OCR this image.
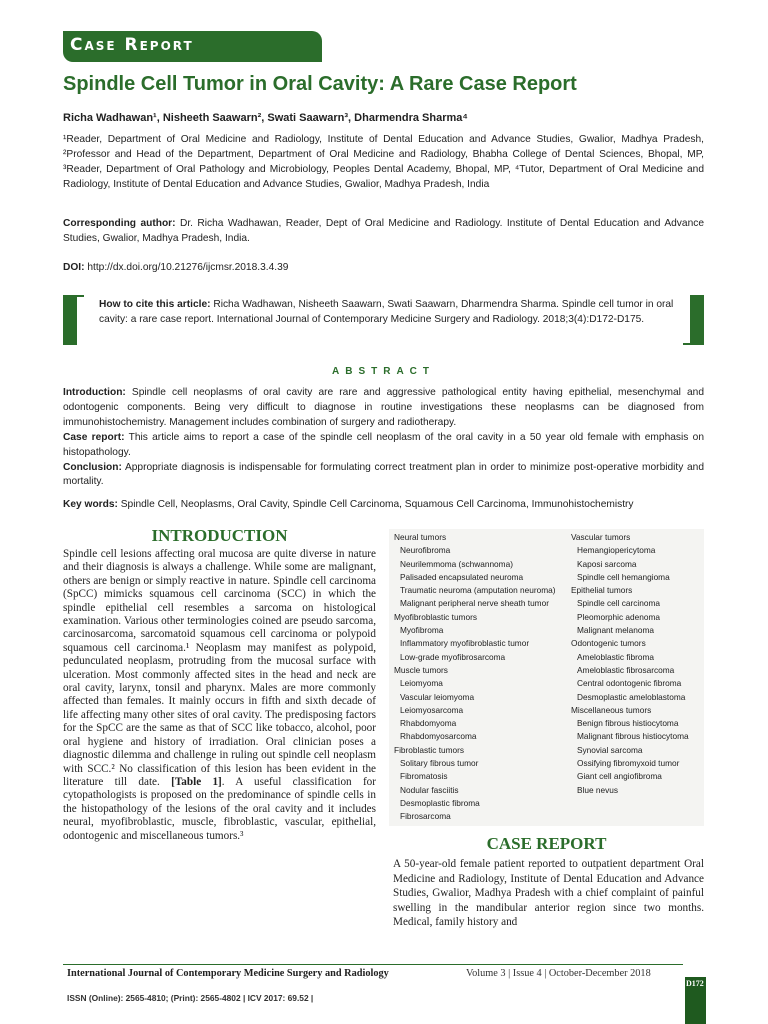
Case Report
Spindle Cell Tumor in Oral Cavity: A Rare Case Report
Richa Wadhawan¹, Nisheeth Saawarn², Swati Saawarn³, Dharmendra Sharma⁴
¹Reader, Department of Oral Medicine and Radiology, Institute of Dental Education and Advance Studies, Gwalior, Madhya Pradesh, ²Professor and Head of the Department, Department of Oral Medicine and Radiology, Bhabha College of Dental Sciences, Bhopal, MP, ³Reader, Department of Oral Pathology and Microbiology, Peoples Dental Academy, Bhopal, MP, ⁴Tutor, Department of Oral Medicine and Radiology, Institute of Dental Education and Advance Studies, Gwalior, Madhya Pradesh, India
Corresponding author: Dr. Richa Wadhawan, Reader, Dept of Oral Medicine and Radiology. Institute of Dental Education and Advance Studies, Gwalior, Madhya Pradesh, India.
DOI: http://dx.doi.org/10.21276/ijcmsr.2018.3.4.39
How to cite this article: Richa Wadhawan, Nisheeth Saawarn, Swati Saawarn, Dharmendra Sharma. Spindle cell tumor in oral cavity: a rare case report. International Journal of Contemporary Medicine Surgery and Radiology. 2018;3(4):D172-D175.
ABSTRACT

Introduction: Spindle cell neoplasms of oral cavity are rare and aggressive pathological entity having epithelial, mesenchymal and odontogenic components. Being very difficult to diagnose in routine investigations these neoplasms can be diagnosed from immunohistochemistry. Management includes combination of surgery and radiotherapy.

Case report: This article aims to report a case of the spindle cell neoplasm of the oral cavity in a 50 year old female with emphasis on histopathology.

Conclusion: Appropriate diagnosis is indispensable for formulating correct treatment plan in order to minimize post-operative morbidity and mortality.

Key words: Spindle Cell, Neoplasms, Oral Cavity, Spindle Cell Carcinoma, Squamous Cell Carcinoma, Immunohistochemistry
INTRODUCTION
Spindle cell lesions affecting oral mucosa are quite diverse in nature and their diagnosis is always a challenge. While some are malignant, others are benign or simply reactive in nature. Spindle cell carcinoma (SpCC) mimicks squamous cell carcinoma (SCC) in which the spindle epithelial cell resembles a sarcoma on histological examination. Various other terminologies coined are pseudo sarcoma, carcinosarcoma, sarcomatoid squamous cell carcinoma or polypoid squamous cell carcinoma.¹ Neoplasm may manifest as polypoid, pedunculated neoplasm, protruding from the mucosal surface with ulceration. Most commonly affected sites in the head and neck are oral cavity, larynx, tonsil and pharynx. Males are more commonly affected than females. It mainly occurs in fifth and sixth decade of life affecting many other sites of oral cavity. The predisposing factors for the SpCC are the same as that of SCC like tobacco, alcohol, poor oral hygiene and history of irradiation. Oral clinician poses a diagnostic dilemma and challenge in ruling out spindle cell neoplasm with SCC.² No classification of this lesion has been evident in the literature till date. [Table 1]. A useful classification for cytopathologists is proposed on the predominance of spindle cells in the histopathology of the lesions of the oral cavity and it includes neural, myofibroblastic, muscle, fibroblastic, vascular, epithelial, odontogenic and miscellaneous tumors.³
Neural tumors
Neurofibroma
Neurilemmoma (schwannoma)
Palisaded encapsulated neuroma
Traumatic neuroma (amputation neuroma)
Malignant peripheral nerve sheath tumor
Myofibroblastic tumors
Myofibroma
Inflammatory myofibroblastic tumor
Low-grade myofibrosarcoma
Muscle tumors
Leiomyoma
Vascular leiomyoma
Leiomyosarcoma
Rhabdomyoma
Rhabdomyosarcoma
Fibroblastic tumors
Solitary fibrous tumor
Fibromatosis
Nodular fasciitis
Desmoplastic fibroma
Fibrosarcoma
Vascular tumors
Hemangiopericytoma
Kaposi sarcoma
Spindle cell hemangioma
Epithelial tumors
Spindle cell carcinoma
Pleomorphic adenoma
Malignant melanoma
Odontogenic tumors
Ameloblastic fibroma
Ameloblastic fibrosarcoma
Central odontogenic fibroma
Desmoplastic ameloblastoma
Miscellaneous tumors
Benign fibrous histiocytoma
Malignant fibrous histiocytoma
Synovial sarcoma
Ossifying fibromyxoid tumor
Giant cell angiofibroma
Blue nevus
CASE REPORT
A 50-year-old female patient reported to outpatient department Oral Medicine and Radiology, Institute of Dental Education and Advance Studies, Gwalior, Madhya Pradesh with a chief complaint of painful swelling in the mandibular anterior region since two months. Medical, family history and
International Journal of Contemporary Medicine Surgery and Radiology	Volume 3 | Issue 4 | October-December 2018
ISSN (Online): 2565-4810; (Print): 2565-4802 | ICV 2017: 69.52 |
D172
